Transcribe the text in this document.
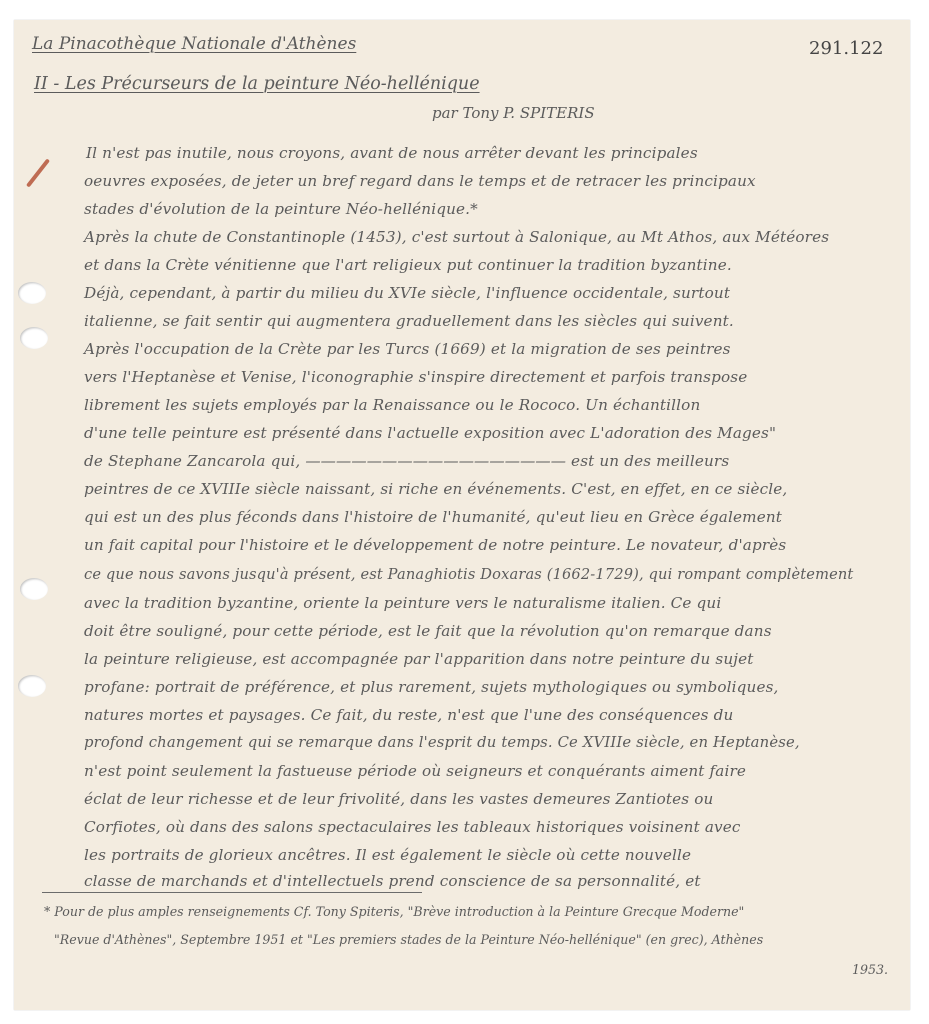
La Pinacothèque Nationale d'Athènes	291.122

II - Les Précurseurs de la peinture Néo-hellénique

par Tony P. SPITERIS

Il n'est pas inutile, nous croyons, avant de nous arrêter devant les principales

oeuvres exposées, de jeter un bref regard dans le temps et de retracer les principaux

stades d'évolution de la peinture Néo-hellénique.*

Après la chute de Constantinople (1453), c'est surtout à Salonique, au Mt Athos, aux Météores

et dans la Crète vénitienne que l'art religieux put continuer la tradition byzantine.

Déjà, cependant, à partir du milieu du XVIe siècle, l'influence occidentale, surtout

italienne, se fait sentir qui augmentera graduellement dans les siècles qui suivent.

Après l'occupation de la Crète par les Turcs (1669) et la migration de ses peintres

vers l'Heptanèse et Venise, l'iconographie s'inspire directement et parfois transpose

librement les sujets employés par la Renaissance ou le Rococo. Un échantillon

d'une telle peinture est présenté dans l'actuelle exposition avec L'adoration des Mages"

de Stephane Zancarola qui, ————————————————— est un des meilleurs

peintres de ce XVIIIe siècle naissant, si riche en événements. C'est, en effet, en ce siècle,

qui est un des plus féconds dans l'histoire de l'humanité, qu'eut lieu en Grèce également

un fait capital pour l'histoire et le développement de notre peinture. Le novateur, d'après

ce que nous savons jusqu'à présent, est Panaghiotis Doxaras (1662-1729), qui rompant complètement

avec la tradition byzantine, oriente la peinture vers le naturalisme italien. Ce qui

doit être souligné, pour cette période, est le fait que la révolution qu'on remarque dans

la peinture religieuse, est accompagnée par l'apparition dans notre peinture du sujet

profane: portrait de préférence, et plus rarement, sujets mythologiques ou symboliques,

natures mortes et paysages. Ce fait, du reste, n'est que l'une des conséquences du

profond changement qui se remarque dans l'esprit du temps. Ce XVIIIe siècle, en Heptanèse,

n'est point seulement la fastueuse période où seigneurs et conquérants aiment faire

éclat de leur richesse et de leur frivolité, dans les vastes demeures Zantiotes ou

Corfiotes, où dans des salons spectaculaires les tableaux historiques voisinent avec

les portraits de glorieux ancêtres. Il est également le siècle où cette nouvelle

classe de marchands et d'intellectuels prend conscience de sa personnalité, et

* Pour de plus amples renseignements Cf. Tony Spiteris, "Brève introduction à la Peinture Grecque Moderne"

"Revue d'Athènes", Septembre 1951 et "Les premiers stades de la Peinture Néo-hellénique" (en grec), Athènes

1953.
